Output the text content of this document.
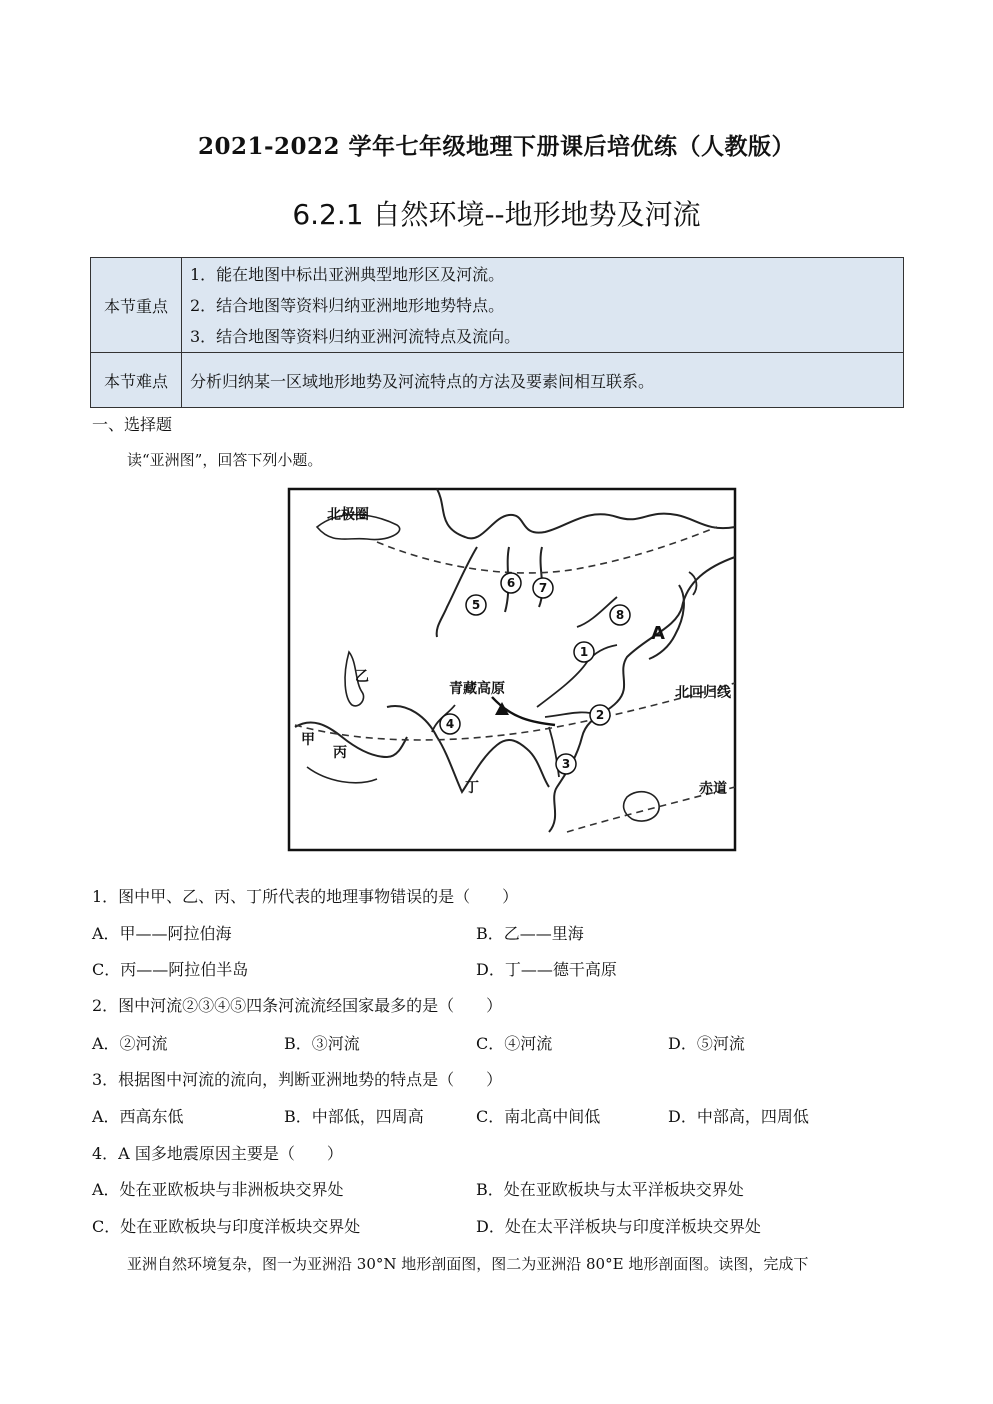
2021-2022 学年七年级地理下册课后培优练（人教版）
6.2.1 自然环境--地形地势及河流
本节重点	1．能在地图中标出亚洲典型地形区及河流。
2．结合地图等资料归纳亚洲地形地势特点。
3．结合地图等资料归纳亚洲河流特点及流向。

本节难点	分析归纳某一区域地形地势及河流特点的方法及要素间相互联系。
一、选择题
读“亚洲图”，回答下列小题。
北极圈
北回归线
赤道
青藏高原
甲
乙
丙
丁
A
1
2
3
4
5
6 7
8
1．图中甲、乙、丙、丁所代表的地理事物错误的是（　　）
A．甲——阿拉伯海	B．乙——里海
C．丙——阿拉伯半岛	D．丁——德干高原
2．图中河流②③④⑤四条河流流经国家最多的是（　　）
A．②河流	B．③河流	C．④河流	D．⑤河流
3．根据图中河流的流向，判断亚洲地势的特点是（　　）
A．西高东低	B．中部低，四周高	C．南北高中间低	D．中部高，四周低
4．A 国多地震原因主要是（　　）
A．处在亚欧板块与非洲板块交界处	B．处在亚欧板块与太平洋板块交界处
C．处在亚欧板块与印度洋板块交界处	D．处在太平洋板块与印度洋板块交界处
亚洲自然环境复杂，图一为亚洲沿 30°N 地形剖面图，图二为亚洲沿 80°E 地形剖面图。读图，完成下
